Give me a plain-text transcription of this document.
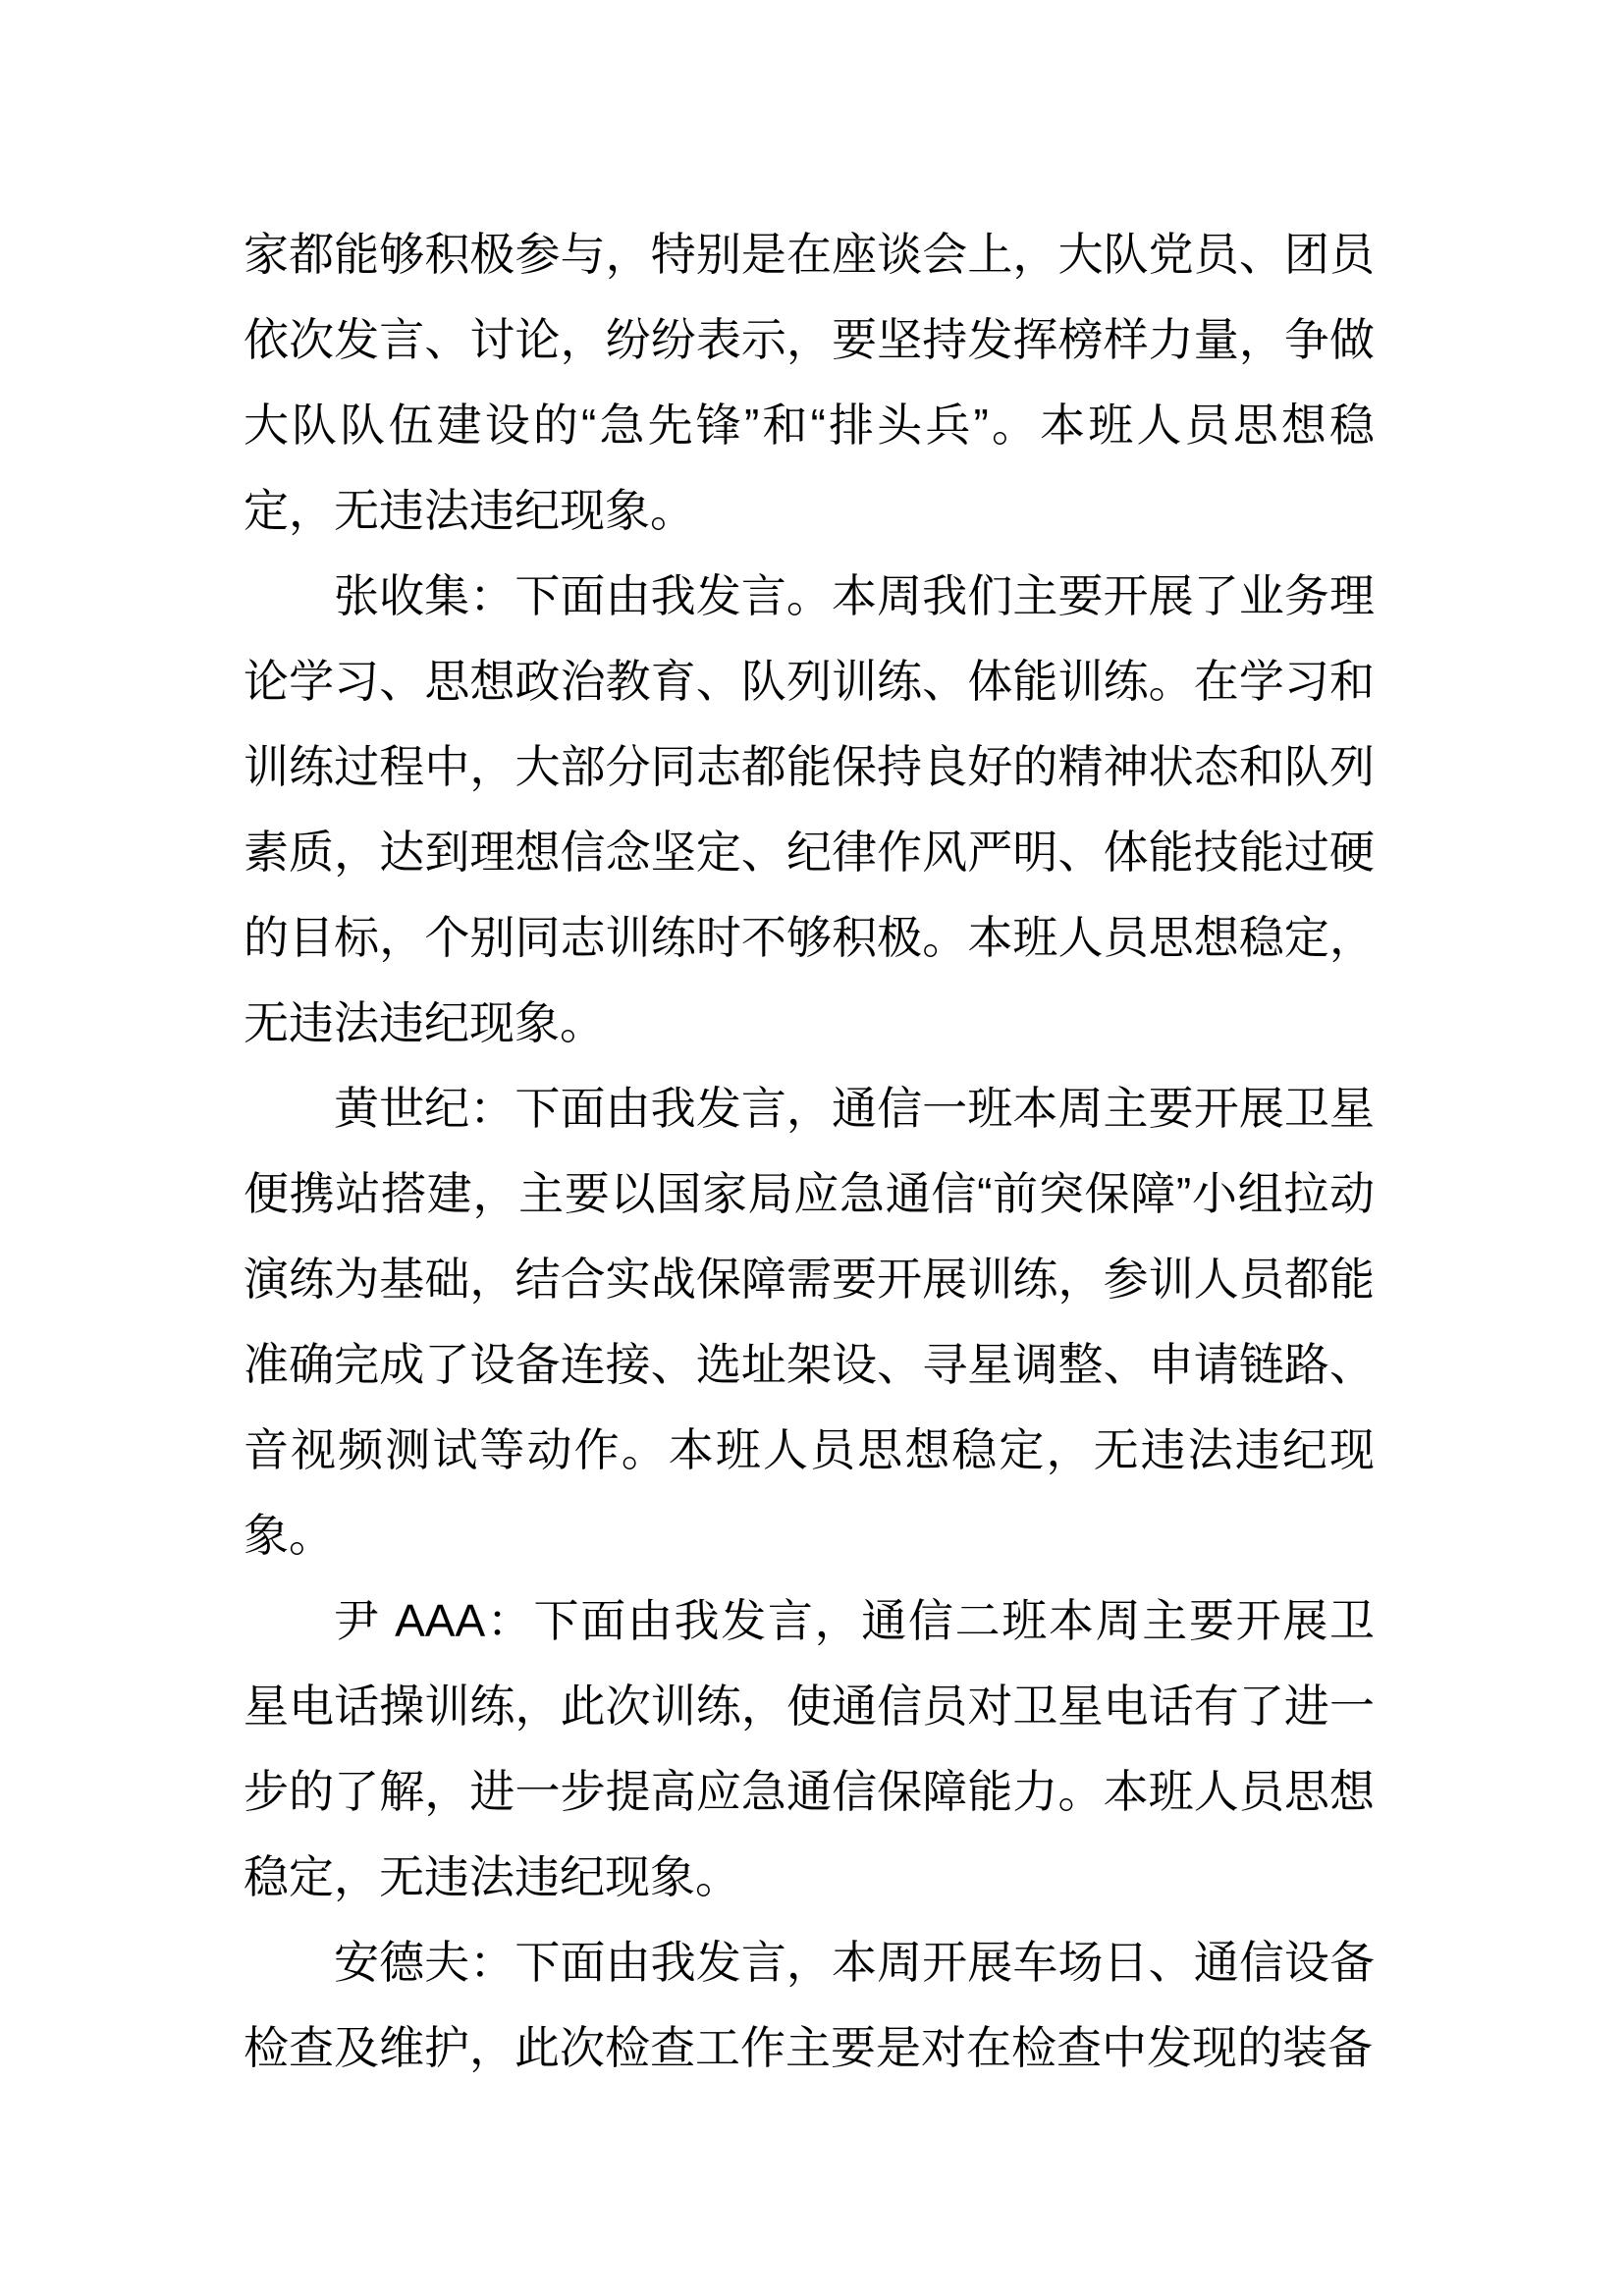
家都能够积极参与，特别是在座谈会上，大队党员、团员依次发言、讨论，纷纷表示，要坚持发挥榜样力量，争做大队队伍建设的“急先锋”和“排头兵”。本班人员思想稳定，无违法违纪现象。

张收集：下面由我发言。本周我们主要开展了业务理论学习、思想政治教育、队列训练、体能训练。在学习和训练过程中，大部分同志都能保持良好的精神状态和队列素质，达到理想信念坚定、纪律作风严明、体能技能过硬的目标，个别同志训练时不够积极。本班人员思想稳定，无违法违纪现象。

黄世纪：下面由我发言，通信一班本周主要开展卫星便携站搭建，主要以国家局应急通信“前突保障”小组拉动演练为基础，结合实战保障需要开展训练，参训人员都能准确完成了设备连接、选址架设、寻星调整、申请链路、音视频测试等动作。本班人员思想稳定，无违法违纪现象。

尹 AAA：下面由我发言，通信二班本周主要开展卫星电话操训练，此次训练，使通信员对卫星电话有了进一步的了解，进一步提高应急通信保障能力。本班人员思想稳定，无违法违纪现象。

安德夫：下面由我发言，本周开展车场日、通信设备检查及维护，此次检查工作主要是对在检查中发现的装备
